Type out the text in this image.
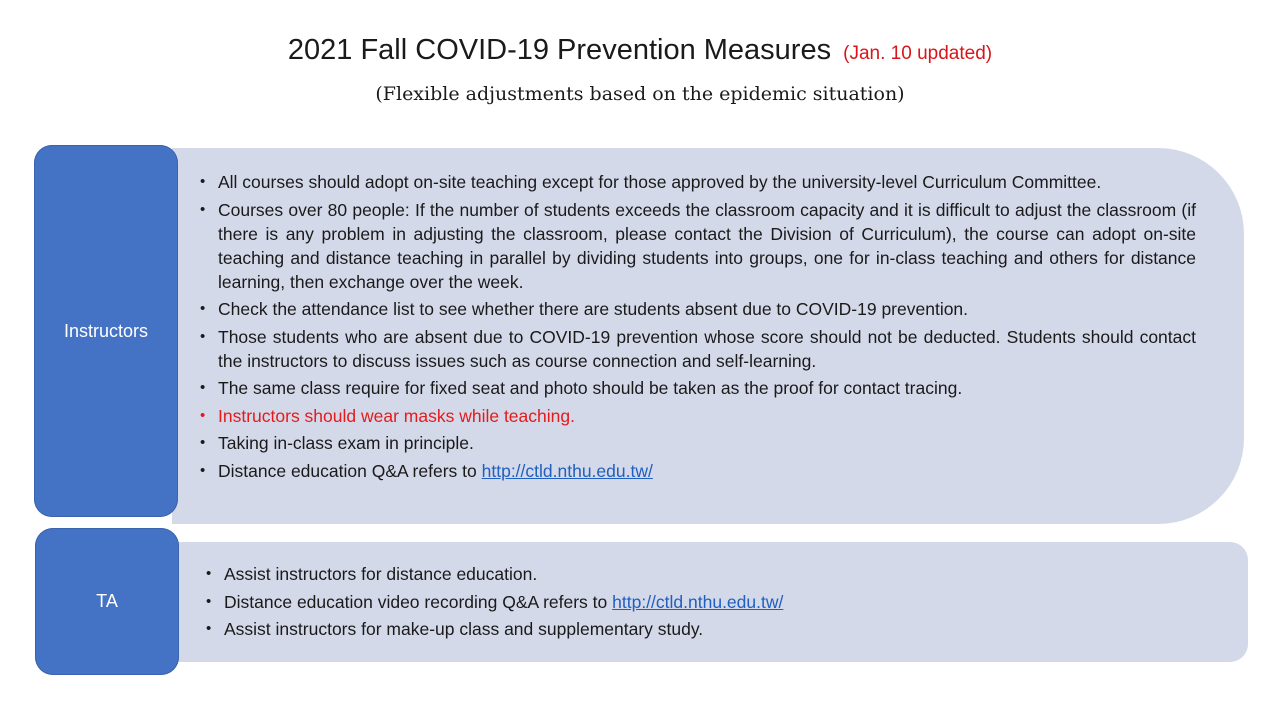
2021 Fall COVID-19 Prevention Measures (Jan. 10 updated)
(Flexible adjustments based on the epidemic situation)
Instructors
TA
• All courses should adopt on-site teaching except for those approved by the university-level Curriculum Committee.
• Courses over 80 people: If the number of students exceeds the classroom capacity and it is difficult to adjust the classroom (if there is any problem in adjusting the classroom, please contact the Division of Curriculum), the course can adopt on-site teaching and distance teaching in parallel by dividing students into groups, one for in-class teaching and others for distance learning, then exchange over the week.
• Check the attendance list to see whether there are students absent due to COVID-19 prevention.
• Those students who are absent due to COVID-19 prevention whose score should not be deducted. Students should contact the instructors to discuss issues such as course connection and self-learning.
• The same class require for fixed seat and photo should be taken as the proof for contact tracing.
• Instructors should wear masks while teaching.
• Taking in-class exam in principle.
• Distance education Q&A refers to http://ctld.nthu.edu.tw/
• Assist instructors for distance education.
• Distance education video recording Q&A refers to http://ctld.nthu.edu.tw/
• Assist instructors for make-up class and supplementary study.
